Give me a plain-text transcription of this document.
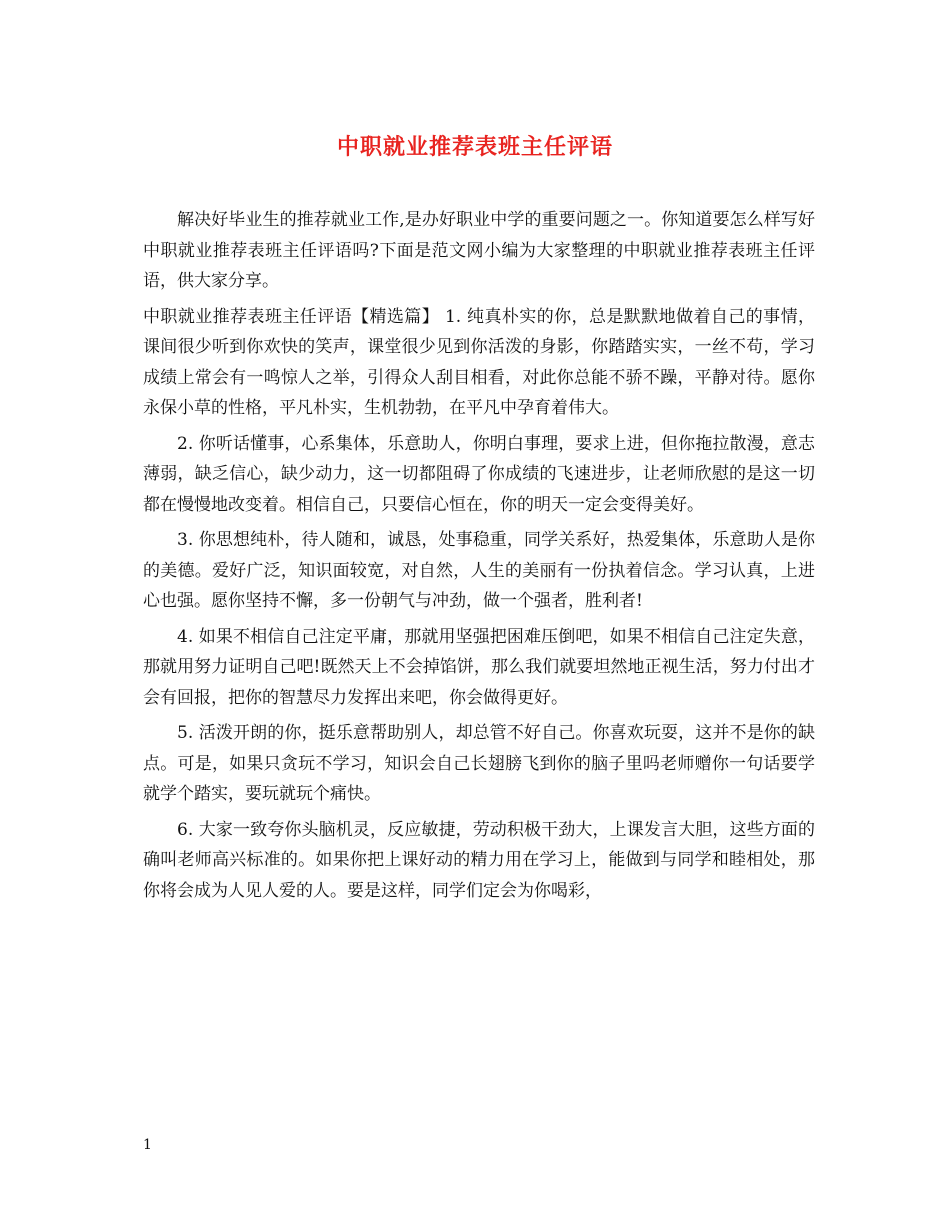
中职就业推荐表班主任评语

解决好毕业生的推荐就业工作,是办好职业中学的重要问题之一。你知道要怎么样写好中职就业推荐表班主任评语吗?下面是范文网小编为大家整理的中职就业推荐表班主任评语，供大家分享。

中职就业推荐表班主任评语【精选篇】 1. 纯真朴实的你，总是默默地做着自己的事情，课间很少听到你欢快的笑声，课堂很少见到你活泼的身影，你踏踏实实，一丝不苟，学习成绩上常会有一鸣惊人之举，引得众人刮目相看，对此你总能不骄不躁，平静对待。愿你永保小草的性格，平凡朴实，生机勃勃，在平凡中孕育着伟大。

2. 你听话懂事，心系集体，乐意助人，你明白事理，要求上进，但你拖拉散漫，意志薄弱，缺乏信心，缺少动力，这一切都阻碍了你成绩的飞速进步，让老师欣慰的是这一切都在慢慢地改变着。相信自己，只要信心恒在，你的明天一定会变得美好。

3. 你思想纯朴，待人随和，诚恳，处事稳重，同学关系好，热爱集体，乐意助人是你的美德。爱好广泛，知识面较宽，对自然，人生的美丽有一份执着信念。学习认真，上进心也强。愿你坚持不懈，多一份朝气与冲劲，做一个强者，胜利者!

4. 如果不相信自己注定平庸，那就用坚强把困难压倒吧，如果不相信自己注定失意，那就用努力证明自己吧!既然天上不会掉馅饼，那么我们就要坦然地正视生活，努力付出才会有回报，把你的智慧尽力发挥出来吧，你会做得更好。

5. 活泼开朗的你，挺乐意帮助别人，却总管不好自己。你喜欢玩耍，这并不是你的缺点。可是，如果只贪玩不学习，知识会自己长翅膀飞到你的脑子里吗老师赠你一句话要学就学个踏实，要玩就玩个痛快。

6. 大家一致夸你头脑机灵，反应敏捷，劳动积极干劲大，上课发言大胆，这些方面的确叫老师高兴标准的。如果你把上课好动的精力用在学习上，能做到与同学和睦相处，那你将会成为人见人爱的人。要是这样，同学们定会为你喝彩，

1
